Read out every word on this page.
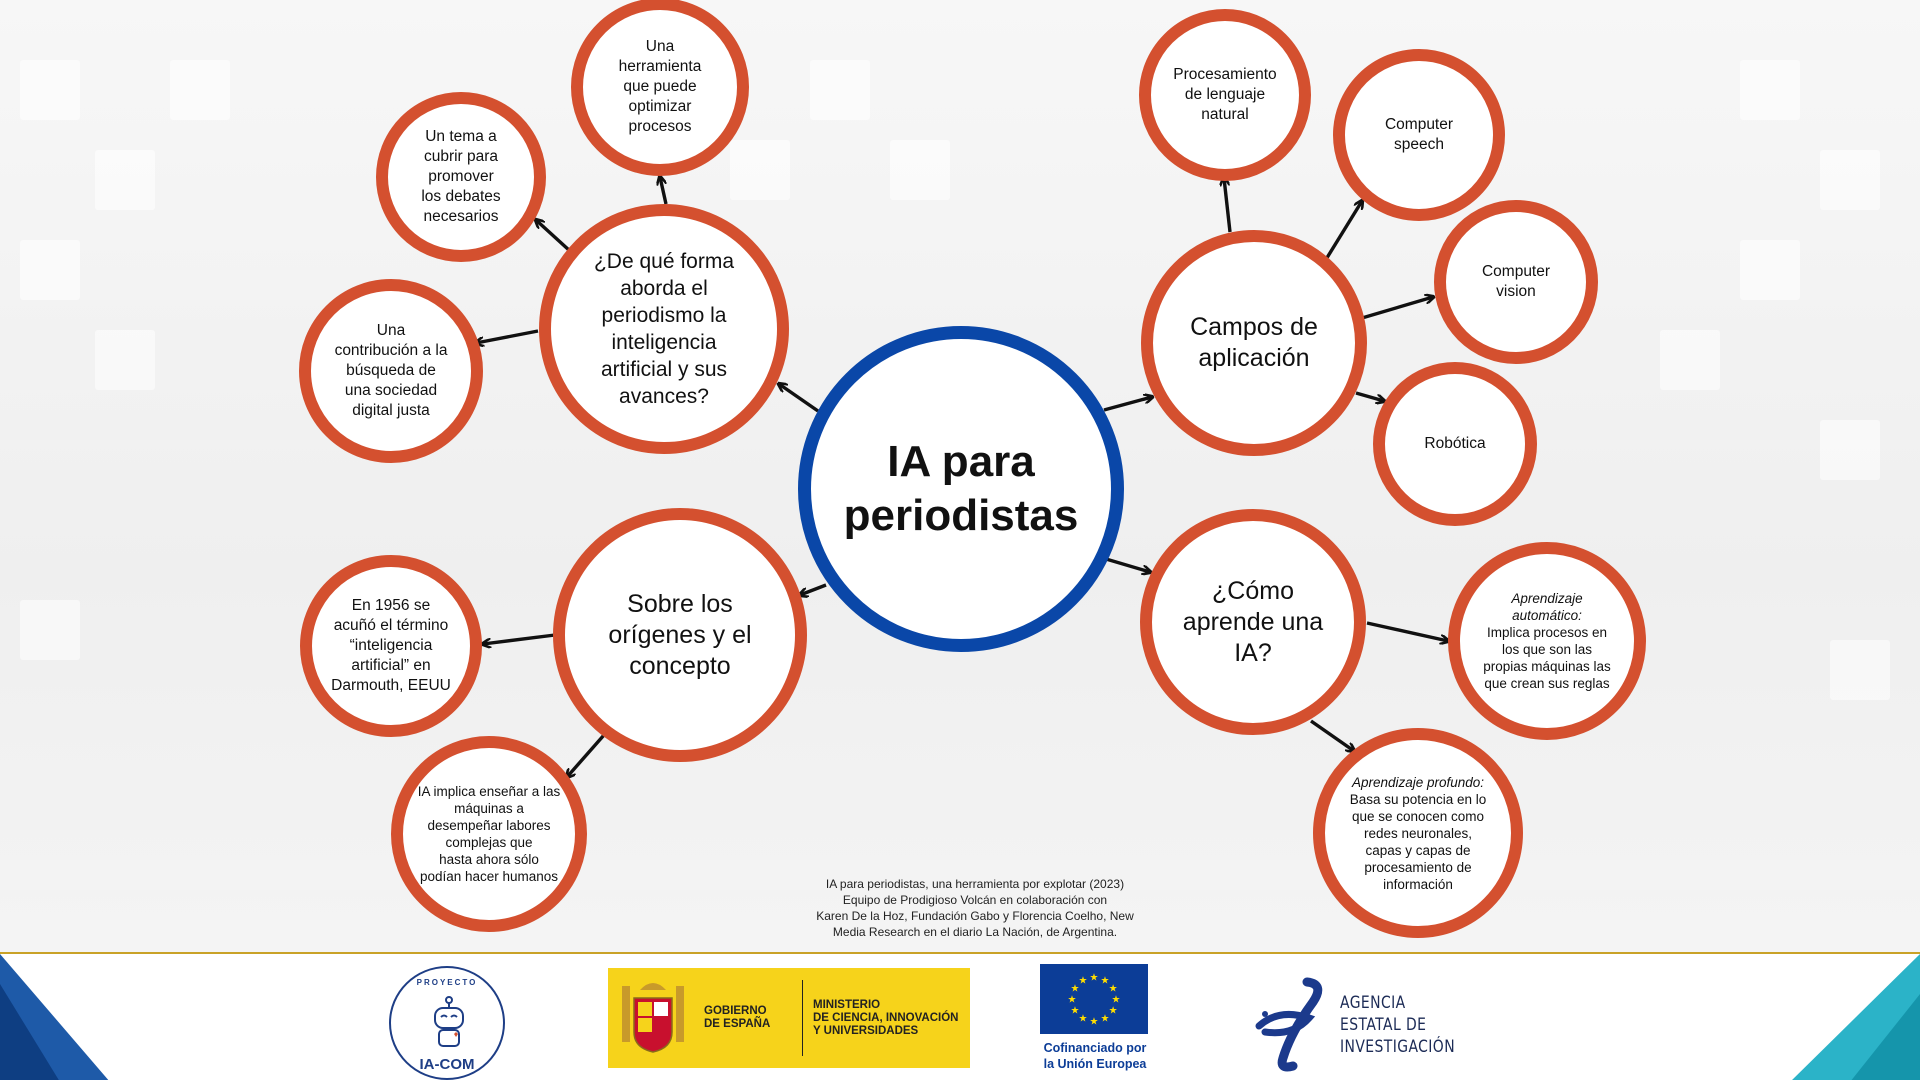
IA para
periodistas
¿De qué forma
aborda el
periodismo la
inteligencia
artificial y sus
avances?
Campos de
aplicación
Sobre los
orígenes y el
concepto
¿Cómo
aprende una
IA?
Una
herramienta
que puede
optimizar
procesos
Un tema a
cubrir para
promover
los debates
necesarios
Una
contribución a la
búsqueda de
una sociedad
digital justa
Procesamiento
de lenguaje
natural
Computer
speech
Computer
vision
Robótica
Aprendizaje
automático:
Implica procesos en
los que son las
propias máquinas las
que crean sus reglas
Aprendizaje profundo:
Basa su potencia en lo
que se conocen como
redes neuronales,
capas y capas de
procesamiento de
información
En 1956 se
acuñó el término
“inteligencia
artificial” en
Darmouth, EEUU
IA implica enseñar a las
máquinas a
desempeñar labores
complejas que
hasta ahora sólo
podían hacer humanos	IA para periodistas, una herramienta por explotar (2023)
Equipo de Prodigioso Volcán en colaboración con
Karen De la Hoz, Fundación Gabo y Florencia Coelho, New
Media Research en el diario La Nación, de Argentina.
PROYECTO
IA-COM
GOBIERNO
DE ESPAÑA
MINISTERIO
DE CIENCIA, INNOVACIÓN
Y UNIVERSIDADES
★
★
★
★
★
★
★
★
★ ★ ★
★
Cofinanciado por
la Unión Europea
AGENCIA
ESTATAL DE
INVESTIGACIÓN
